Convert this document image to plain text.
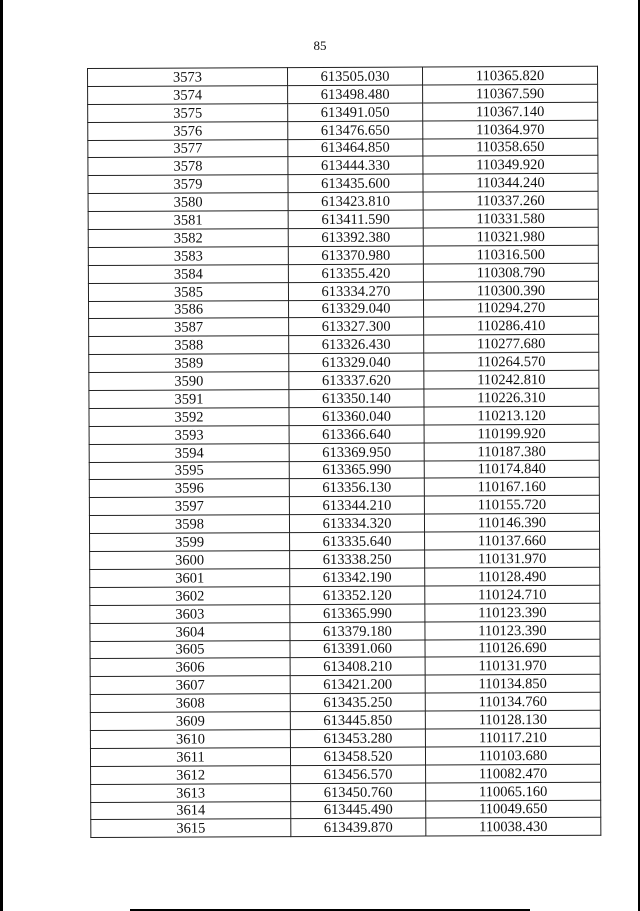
85
3573	613505.030	110365.820
3574	613498.480	110367.590
3575	613491.050	110367.140
3576	613476.650	110364.970
3577	613464.850	110358.650
3578	613444.330	110349.920
3579	613435.600	110344.240
3580	613423.810	110337.260
3581	613411.590	110331.580
3582	613392.380	110321.980
3583	613370.980	110316.500
3584	613355.420	110308.790
3585	613334.270	110300.390
3586	613329.040	110294.270
3587	613327.300	110286.410
3588	613326.430	110277.680
3589	613329.040	110264.570
3590	613337.620	110242.810
3591	613350.140	110226.310
3592	613360.040	110213.120
3593	613366.640	110199.920
3594	613369.950	110187.380
3595	613365.990	110174.840
3596	613356.130	110167.160
3597	613344.210	110155.720
3598	613334.320	110146.390
3599	613335.640	110137.660
3600	613338.250	110131.970
3601	613342.190	110128.490
3602	613352.120	110124.710
3603	613365.990	110123.390
3604	613379.180	110123.390
3605	613391.060	110126.690
3606	613408.210	110131.970
3607	613421.200	110134.850
3608	613435.250	110134.760
3609	613445.850	110128.130
3610	613453.280	110117.210
3611	613458.520	110103.680
3612	613456.570	110082.470
3613	613450.760	110065.160
3614	613445.490	110049.650
3615	613439.870	110038.430
